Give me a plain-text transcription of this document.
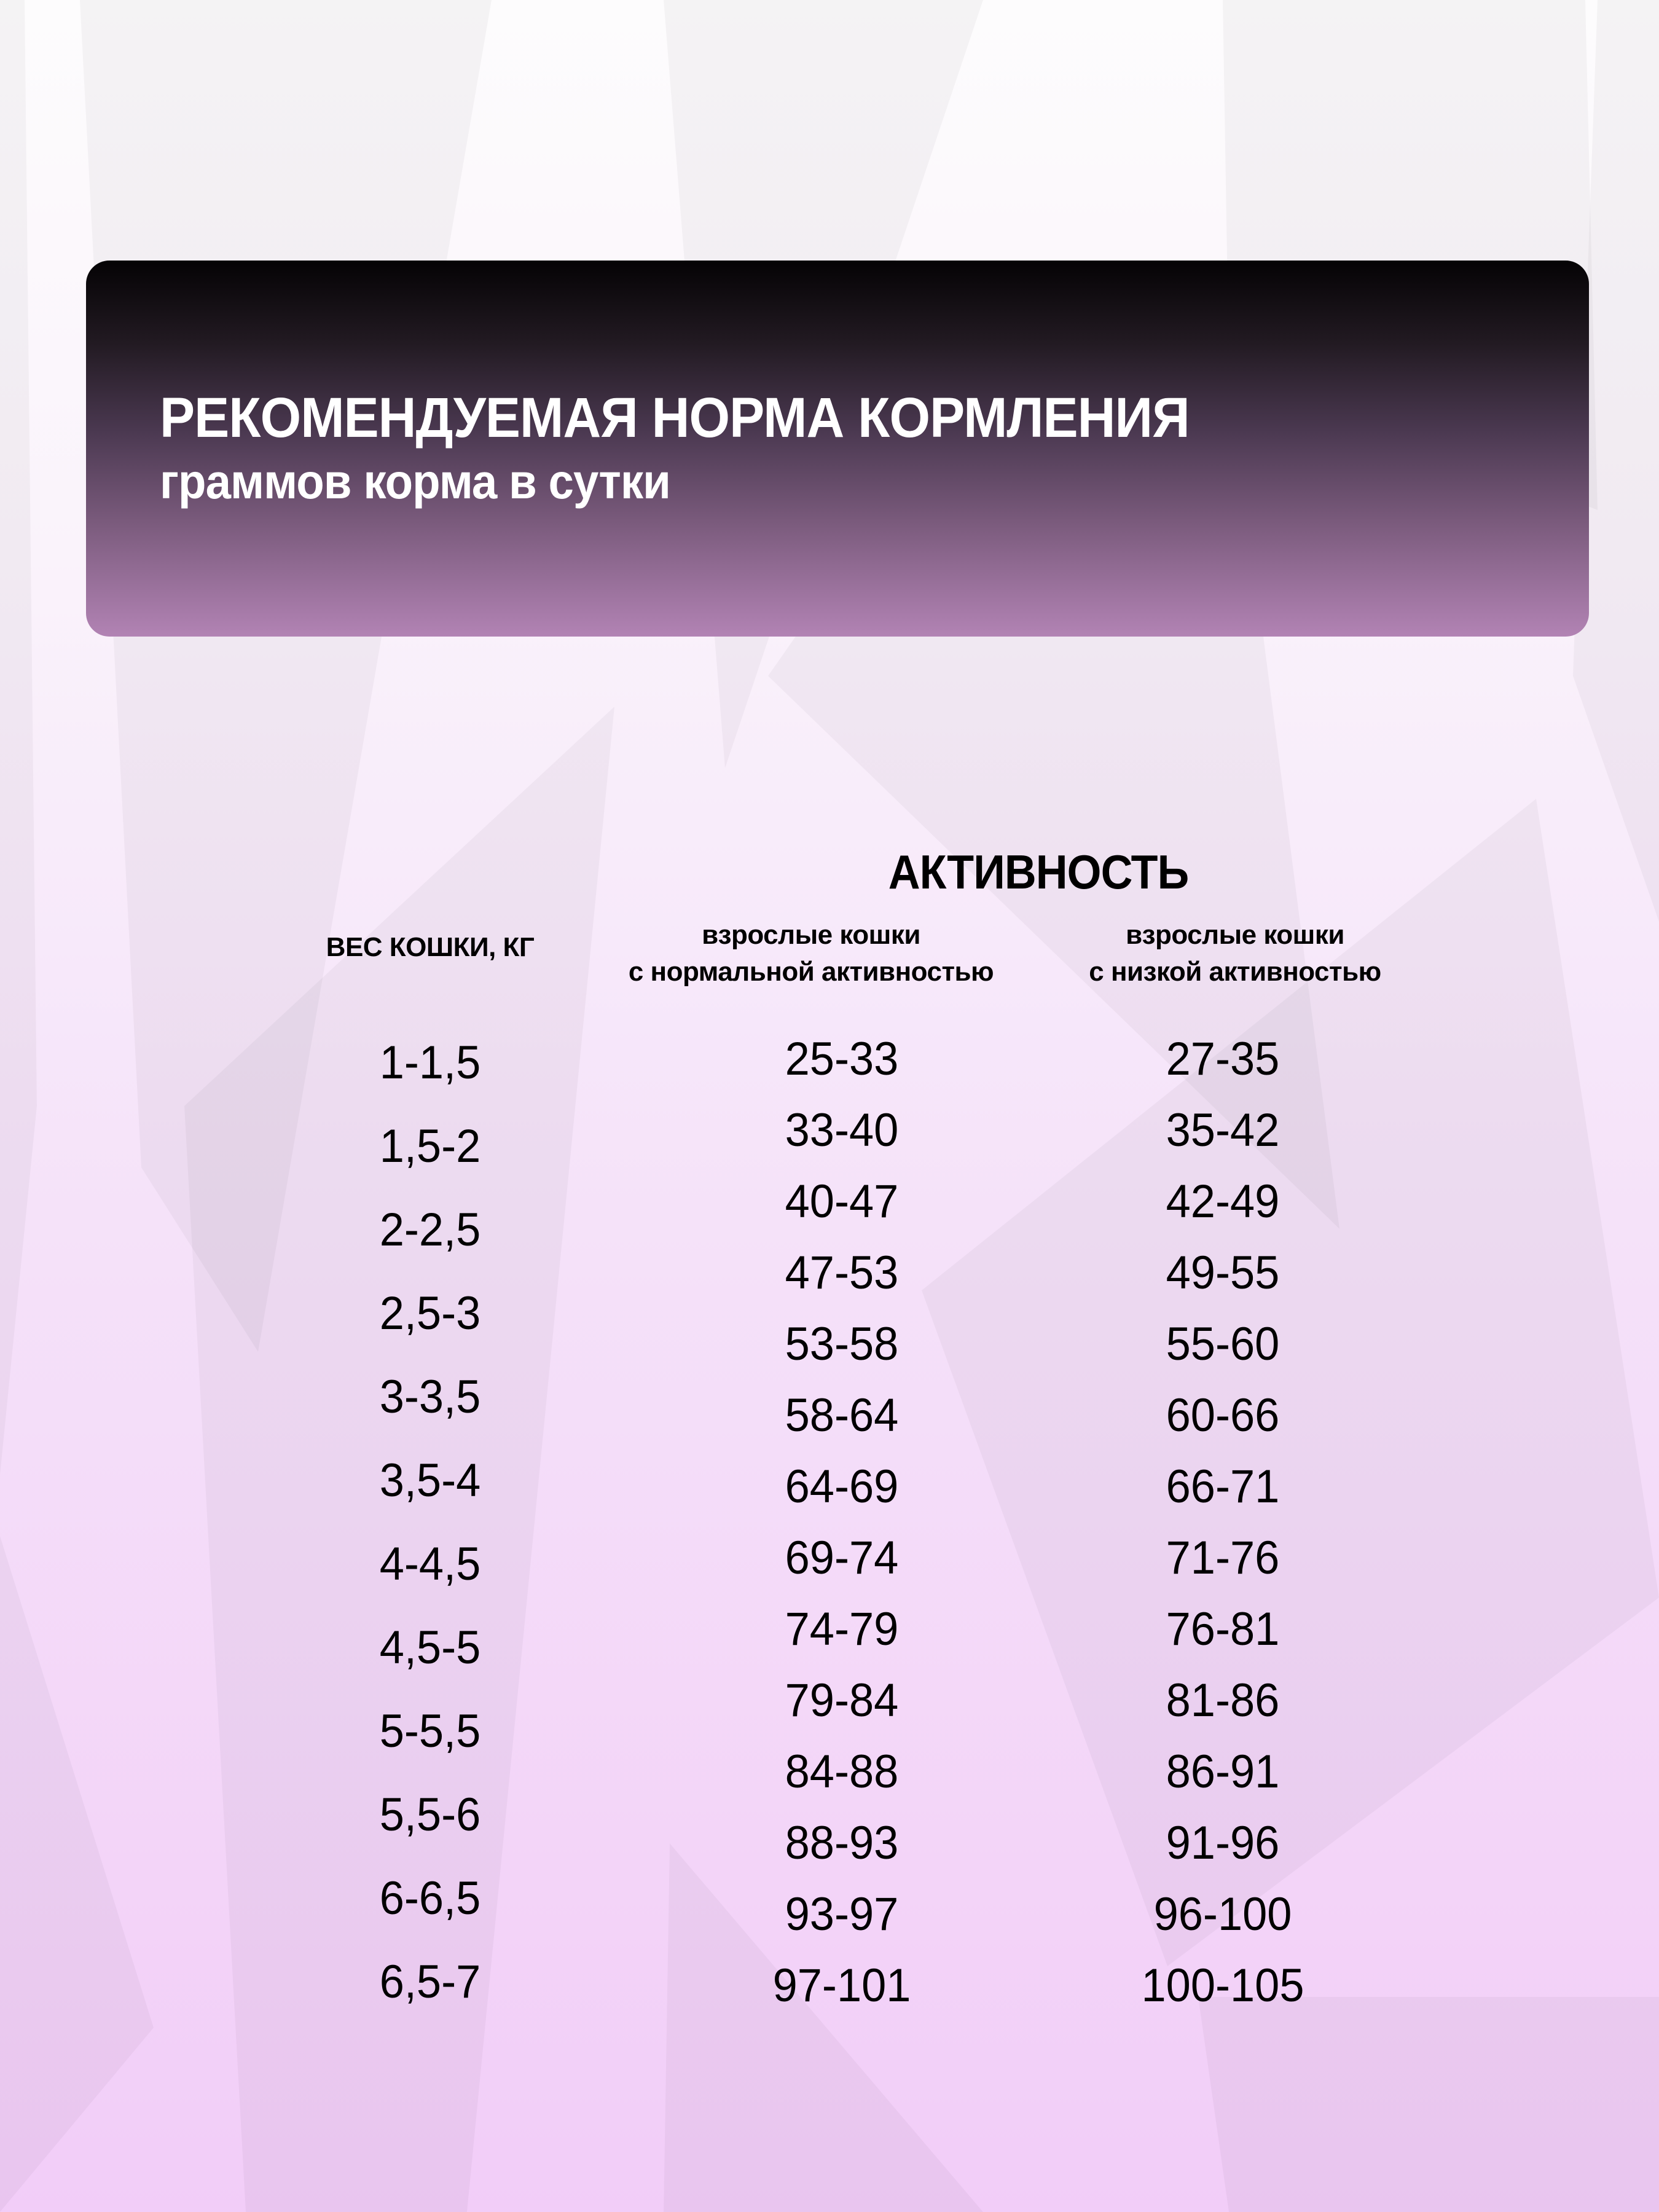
РЕКОМЕНДУЕМАЯ НОРМА КОРМЛЕНИЯ
граммов корма в сутки
АКТИВНОСТЬ
ВЕС КОШКИ, КГ	взрослые кошки
с нормальной активностью
взрослые кошки
с низкой активностью
1-1,5
1,5-2
2-2,5
2,5-3
3-3,5
3,5-4
4-4,5
4,5-5
5-5,5
5,5-6
6-6,5
6,5-7
25-33
33-40
40-47
47-53
53-58
58-64
64-69
69-74
74-79
79-84
84-88
88-93
93-97
97-101
27-35
35-42
42-49
49-55
55-60
60-66
66-71
71-76
76-81
81-86
86-91
91-96
96-100
100-105
